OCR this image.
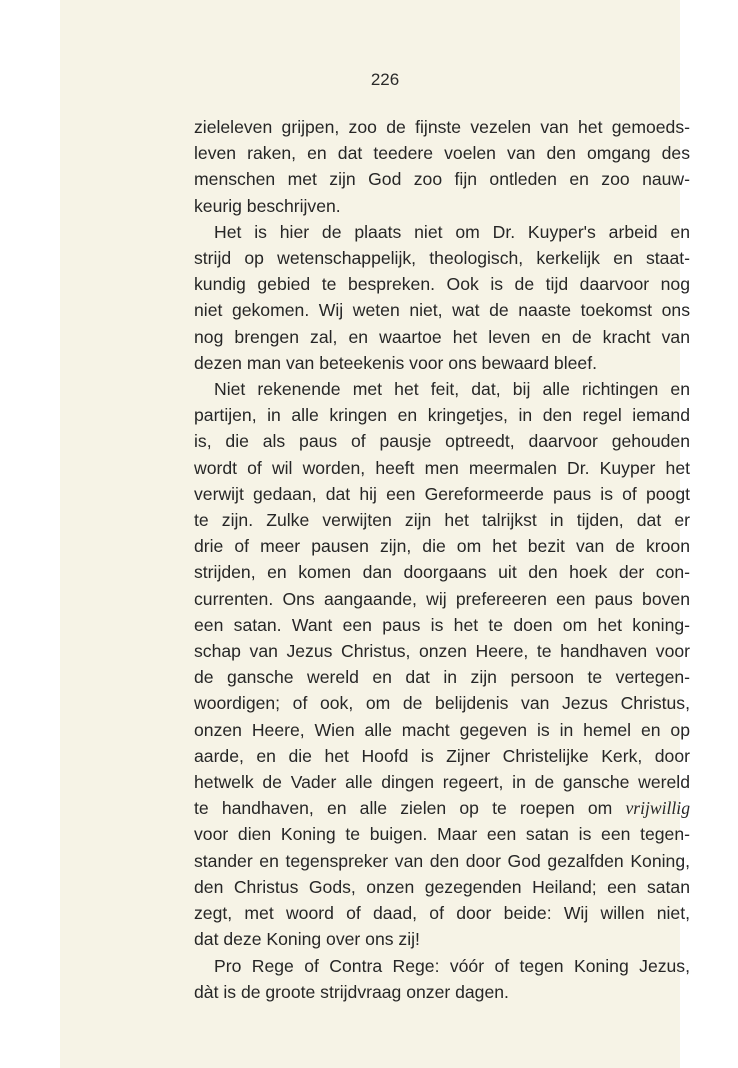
226
zieleleven grijpen, zoo de fijnste vezelen van het gemoeds-
leven raken, en dat teedere voelen van den omgang des
menschen met zijn God zoo fijn ontleden en zoo nauw-
keurig beschrijven.
Het is hier de plaats niet om Dr. Kuyper's arbeid en
strijd op wetenschappelijk, theologisch, kerkelijk en staat-
kundig gebied te bespreken. Ook is de tijd daarvoor nog
niet gekomen. Wij weten niet, wat de naaste toekomst ons
nog brengen zal, en waartoe het leven en de kracht van
dezen man van beteekenis voor ons bewaard bleef.
Niet rekenende met het feit, dat, bij alle richtingen en
partijen, in alle kringen en kringetjes, in den regel iemand
is, die als paus of pausje optreedt, daarvoor gehouden
wordt of wil worden, heeft men meermalen Dr. Kuyper het
verwijt gedaan, dat hij een Gereformeerde paus is of poogt
te zijn. Zulke verwijten zijn het talrijkst in tijden, dat er
drie of meer pausen zijn, die om het bezit van de kroon
strijden, en komen dan doorgaans uit den hoek der con-
currenten. Ons aangaande, wij prefereeren een paus boven
een satan. Want een paus is het te doen om het koning-
schap van Jezus Christus, onzen Heere, te handhaven voor
de gansche wereld en dat in zijn persoon te vertegen-
woordigen; of ook, om de belijdenis van Jezus Christus,
onzen Heere, Wien alle macht gegeven is in hemel en op
aarde, en die het Hoofd is Zijner Christelijke Kerk, door
hetwelk de Vader alle dingen regeert, in de gansche wereld
te handhaven, en alle zielen op te roepen om vrijwillig
voor dien Koning te buigen. Maar een satan is een tegen-
stander en tegenspreker van den door God gezalfden Koning,
den Christus Gods, onzen gezegenden Heiland; een satan
zegt, met woord of daad, of door beide: Wij willen niet,
dat deze Koning over ons zij!
Pro Rege of Contra Rege: vóór of tegen Koning Jezus,
dàt is de groote strijdvraag onzer dagen.
